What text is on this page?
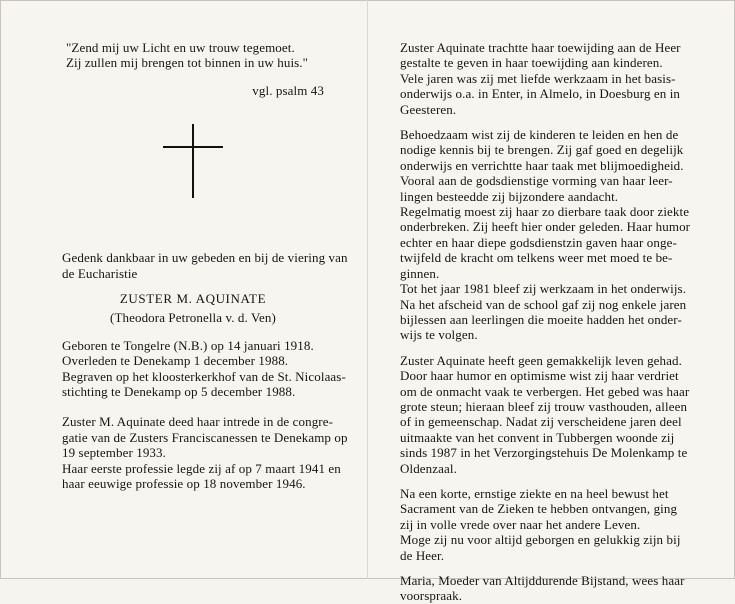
"Zend mij uw Licht en uw trouw tegemoet.
Zij zullen mij brengen tot binnen in uw huis."

vgl. psalm 43

Gedenk dankbaar in uw gebeden en bij de viering van
de Eucharistie

ZUSTER M. AQUINATE

(Theodora Petronella v. d. Ven)

Geboren te Tongelre (N.B.) op 14 januari 1918.
Overleden te Denekamp 1 december 1988.
Begraven op het kloosterkerkhof van de St. Nicolaas-
stichting te Denekamp op 5 december 1988.

Zuster M. Aquinate deed haar intrede in de congre-
gatie van de Zusters Franciscanessen te Denekamp op
19 september 1933.
Haar eerste professie legde zij af op 7 maart 1941 en
haar eeuwige professie op 18 november 1946.

Zuster Aquinate trachtte haar toewijding aan de Heer
gestalte te geven in haar toewijding aan kinderen.
Vele jaren was zij met liefde werkzaam in het basis-
onderwijs o.a. in Enter, in Almelo, in Doesburg en in
Geesteren.

Behoedzaam wist zij de kinderen te leiden en hen de
nodige kennis bij te brengen. Zij gaf goed en degelijk
onderwijs en verrichtte haar taak met blijmoedigheid.
Vooral aan de godsdienstige vorming van haar leer-
lingen besteedde zij bijzondere aandacht.
Regelmatig moest zij haar zo dierbare taak door ziekte
onderbreken. Zij heeft hier onder geleden. Haar humor
echter en haar diepe godsdienstzin gaven haar onge-
twijfeld de kracht om telkens weer met moed te be-
ginnen.
Tot het jaar 1981 bleef zij werkzaam in het onderwijs.
Na het afscheid van de school gaf zij nog enkele jaren
bijlessen aan leerlingen die moeite hadden het onder-
wijs te volgen.

Zuster Aquinate heeft geen gemakkelijk leven gehad.
Door haar humor en optimisme wist zij haar verdriet
om de onmacht vaak te verbergen. Het gebed was haar
grote steun; hieraan bleef zij trouw vasthouden, alleen
of in gemeenschap. Nadat zij verscheidene jaren deel
uitmaakte van het convent in Tubbergen woonde zij
sinds 1987 in het Verzorgingstehuis De Molenkamp te
Oldenzaal.

Na een korte, ernstige ziekte en na heel bewust het
Sacrament van de Zieken te hebben ontvangen, ging
zij in volle vrede over naar het andere Leven.
Moge zij nu voor altijd geborgen en gelukkig zijn bij
de Heer.

Maria, Moeder van Altijddurende Bijstand, wees haar
voorspraak.
